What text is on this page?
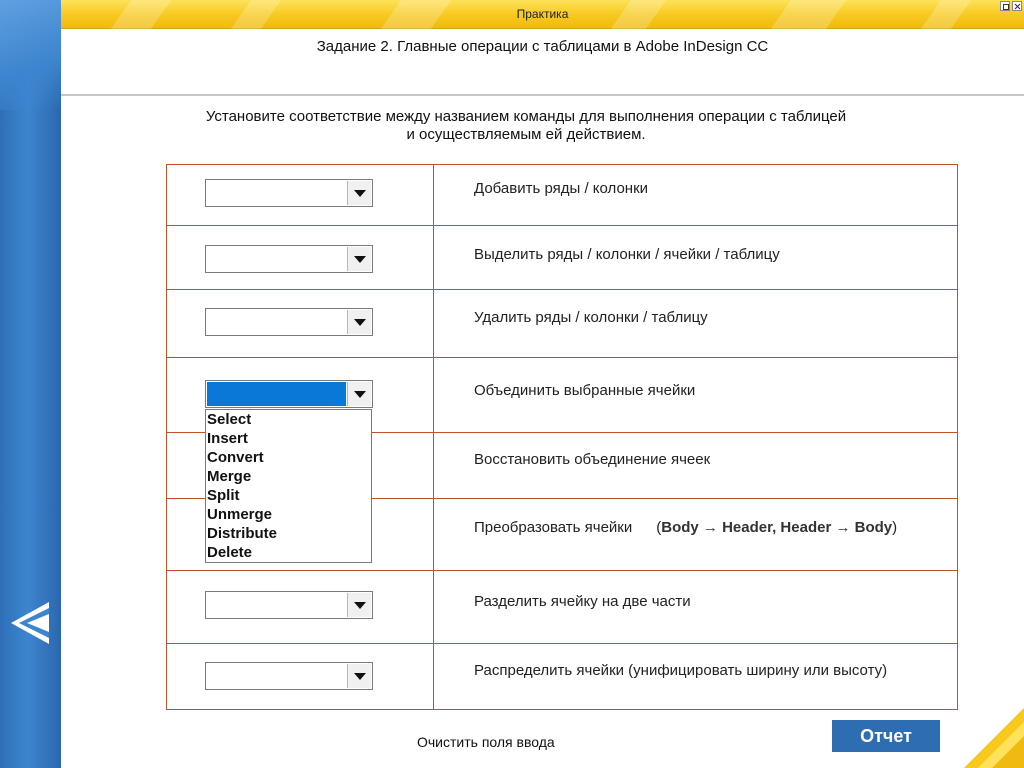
Практика
Задание 2. Главные операции с таблицами в Adobe InDesign CC
Установите соответствие между названием команды для выполнения операции с таблицей
и осуществляемым ей действием.
Добавить ряды / колонки
Выделить ряды / колонки / ячейки / таблицу
Удалить ряды / колонки / таблицу
Объединить выбранные ячейки
Восстановить объединение ячеек
Преобразовать ячейки (Body → Header, Header → Body)
Разделить ячейку на две части
Распределить ячейки (унифицировать ширину или высоту)
Select
Insert
Convert
Merge
Split
Unmerge
Distribute
Delete
Очистить поля ввода	Отчет
